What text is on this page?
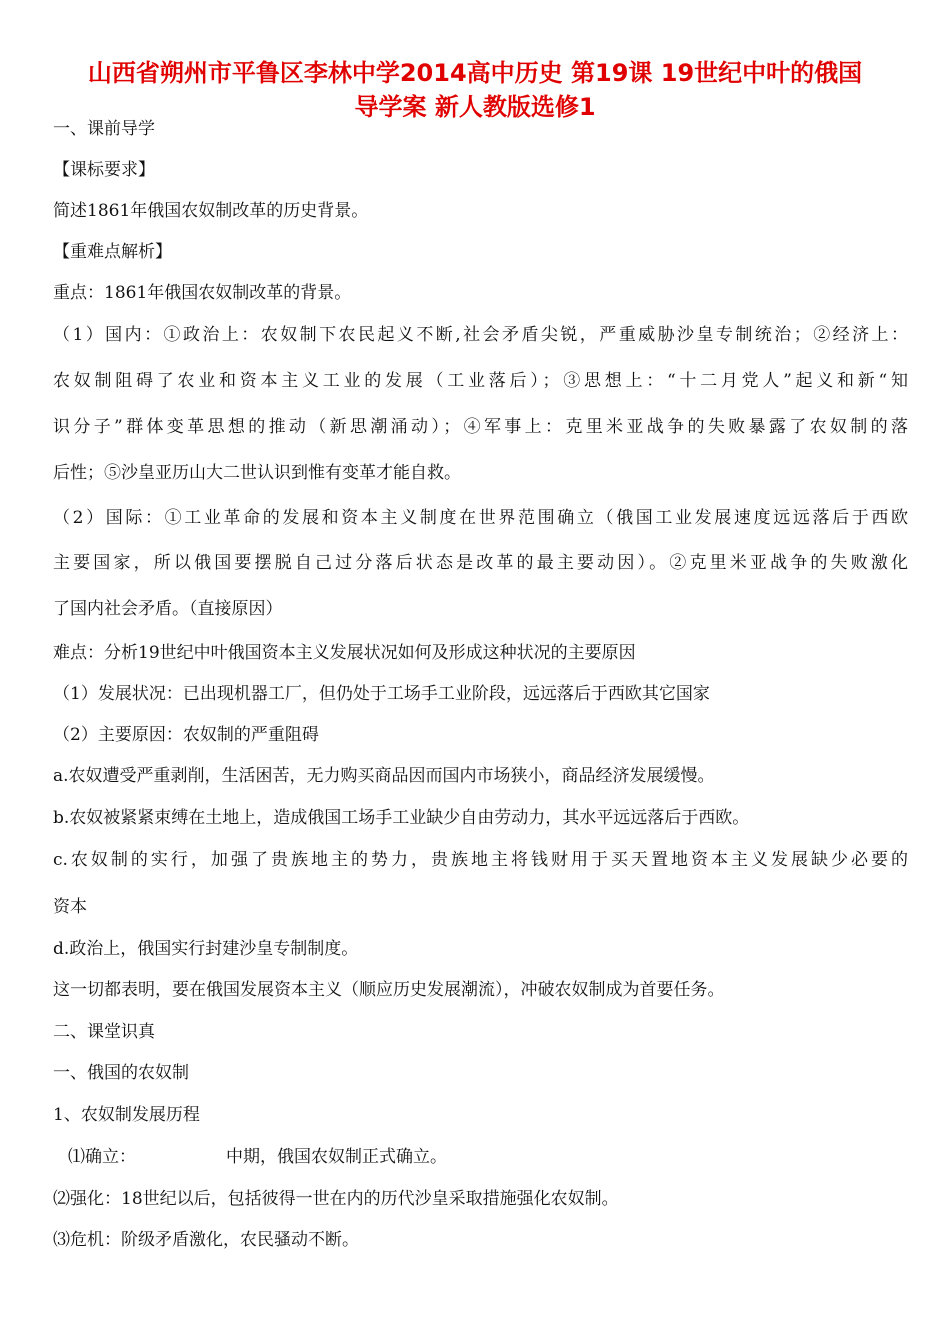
山西省朔州市平鲁区李林中学2014高中历史 第19课 19世纪中叶的俄国
导学案 新人教版选修1
一、课前导学
【课标要求】
简述1861年俄国农奴制改革的历史背景。
【重难点解析】
重点：1861年俄国农奴制改革的背景。
（1）国内：①政治上：农奴制下农民起义不断,社会矛盾尖锐，严重威胁沙皇专制统治；②经济上：
农奴制阻碍了农业和资本主义工业的发展（工业落后）；③思想上：“十二月党人”起义和新“知
识分子”群体变革思想的推动（新思潮涌动）；④军事上：克里米亚战争的失败暴露了农奴制的落
后性；⑤沙皇亚历山大二世认识到惟有变革才能自救。
（2）国际：①工业革命的发展和资本主义制度在世界范围确立（俄国工业发展速度远远落后于西欧
主要国家，所以俄国要摆脱自己过分落后状态是改革的最主要动因）。②克里米亚战争的失败激化
了国内社会矛盾。（直接原因）
难点：分析19世纪中叶俄国资本主义发展状况如何及形成这种状况的主要原因
（1）发展状况：已出现机器工厂，但仍处于工场手工业阶段，远远落后于西欧其它国家
（2）主要原因：农奴制的严重阻碍
a.农奴遭受严重剥削，生活困苦，无力购买商品因而国内市场狭小，商品经济发展缓慢。
b.农奴被紧紧束缚在土地上，造成俄国工场手工业缺少自由劳动力，其水平远远落后于西欧。
c.农奴制的实行，加强了贵族地主的势力，贵族地主将钱财用于买天置地资本主义发展缺少必要的
资本
d.政治上，俄国实行封建沙皇专制制度。
这一切都表明，要在俄国发展资本主义（顺应历史发展潮流），冲破农奴制成为首要任务。
二、课堂识真
一、俄国的农奴制
1、农奴制发展历程
⑴确立：	中期，俄国农奴制正式确立。
⑵强化：18世纪以后，包括彼得一世在内的历代沙皇采取措施强化农奴制。
⑶危机：阶级矛盾激化，农民骚动不断。
